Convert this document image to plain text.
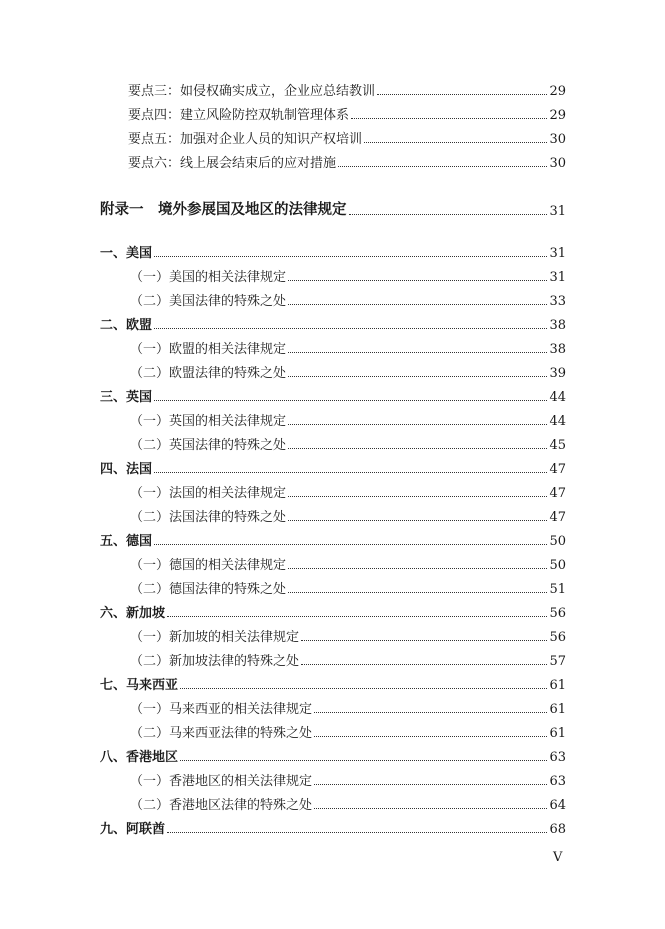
要点三：如侵权确实成立，企业应总结教训	29
要点四：建立风险防控双轨制管理体系	29
要点五：加强对企业人员的知识产权培训	30
要点六：线上展会结束后的应对措施	30
附录一　境外参展国及地区的法律规定	31
一、美国	31
（一）美国的相关法律规定	31
（二）美国法律的特殊之处	33
二、欧盟	38
（一）欧盟的相关法律规定	38
（二）欧盟法律的特殊之处	39
三、英国	44
（一）英国的相关法律规定	44
（二）英国法律的特殊之处	45
四、法国	47
（一）法国的相关法律规定	47
（二）法国法律的特殊之处	47
五、德国	50
（一）德国的相关法律规定	50
（二）德国法律的特殊之处	51
六、新加坡	56
（一）新加坡的相关法律规定	56
（二）新加坡法律的特殊之处	57
七、马来西亚	61
（一）马来西亚的相关法律规定	61
（二）马来西亚法律的特殊之处	61
八、香港地区	63
（一）香港地区的相关法律规定	63
（二）香港地区法律的特殊之处	64
九、阿联酋	68
V
